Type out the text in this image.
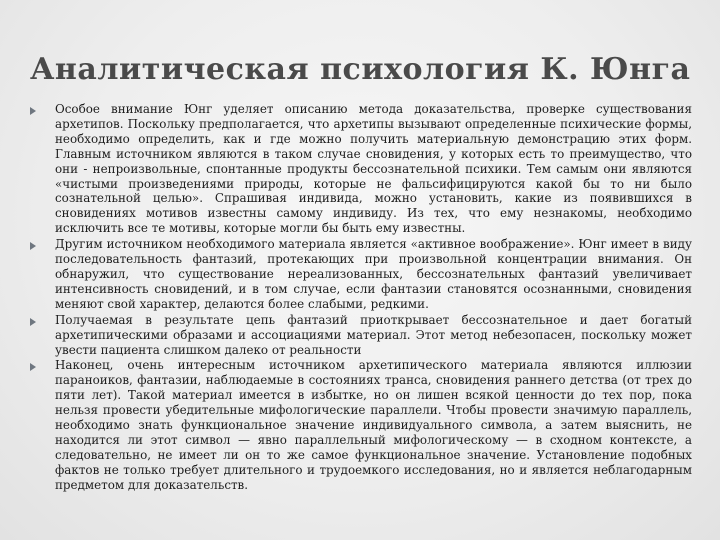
Аналитическая психология К. Юнга
Особое внимание Юнг уделяет описанию метода доказательства, проверке существования архетипов. Поскольку предполагается, что архетипы вызывают определенные психические формы, необходимо определить, как и где можно получить материальную демонстрацию этих форм. Главным источником являются в таком случае сновидения, у которых есть то преимущество, что они - непроизвольные, спонтанные продукты бессознательной психики. Тем самым они являются «чистыми произведениями природы, которые не фальсифицируются какой бы то ни было сознательной целью». Спрашивая индивида, можно установить, какие из появившихся в сновидениях мотивов известны самому индивиду. Из тех, что ему незнакомы, необходимо исключить все те мотивы, которые могли бы быть ему известны.
Другим источником необходимого материала является «активное воображение». Юнг имеет в виду последовательность фантазий, протекающих при произвольной концентрации внимания. Он обнаружил, что существование нереализованных, бессознательных фантазий увеличивает интенсивность сновидений, и в том случае, если фантазии становятся осознанными, сновидения меняют свой характер, делаются более слабыми, редкими.
Получаемая в результате цепь фантазий приоткрывает бессознательное и дает богатый архетипическими образами и ассоциациями материал. Этот метод небезопасен, поскольку может увести пациента слишком далеко от реальности
Наконец, очень интересным источником архетипического материала являются иллюзии параноиков, фантазии, наблюдаемые в состояниях транса, сновидения раннего детства (от трех до пяти лет). Такой материал имеется в избытке, но он лишен всякой ценности до тех пор, пока нельзя провести убедительные мифологические параллели. Чтобы провести значимую параллель, необходимо знать функциональное значение индивидуального символа, а затем выяснить, не находится ли этот символ — явно параллельный мифологическому — в сходном контексте, а следовательно, не имеет ли он то же самое функциональное значение. Установление подобных фактов не только требует длительного и трудоемкого исследования, но и является неблагодарным предметом для доказательств.
